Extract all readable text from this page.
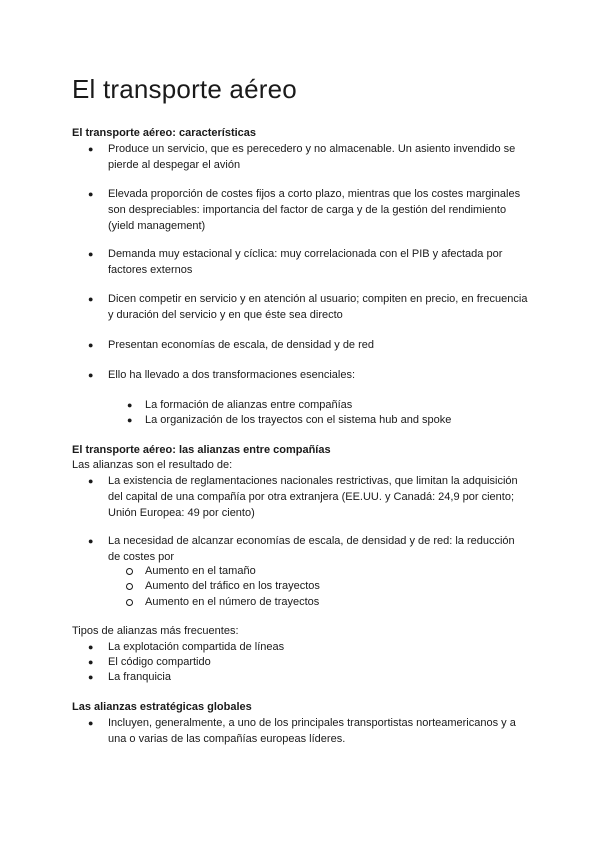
El transporte aéreo
El transporte aéreo: características
● Produce un servicio, que es perecedero y no almacenable. Un asiento invendido se pierde al despegar el avión
● Elevada proporción de costes fijos a corto plazo, mientras que los costes marginales son despreciables: importancia del factor de carga y de la gestión del rendimiento (yield management)
● Demanda muy estacional y cíclica: muy correlacionada con el PIB y afectada por factores externos
● Dicen competir en servicio y en atención al usuario; compiten en precio, en frecuencia y duración del servicio y en que éste sea directo
● Presentan economías de escala, de densidad y de red
● Ello ha llevado a dos transformaciones esenciales:
● La formación de alianzas entre compañías
● La organización de los trayectos con el sistema hub and spoke
El transporte aéreo: las alianzas entre compañías
Las alianzas son el resultado de:
● La existencia de reglamentaciones nacionales restrictivas, que limitan la adquisición del capital de una compañía por otra extranjera (EE.UU. y Canadá: 24,9 por ciento; Unión Europea: 49 por ciento)
● La necesidad de alcanzar economías de escala, de densidad y de red: la reducción de costes por
Aumento en el tamaño
Aumento del tráfico en los trayectos
Aumento en el número de trayectos
Tipos de alianzas más frecuentes:
● La explotación compartida de líneas
● El código compartido
● La franquicia
Las alianzas estratégicas globales
● Incluyen, generalmente, a uno de los principales transportistas norteamericanos y a una o varias de las compañías europeas líderes.
